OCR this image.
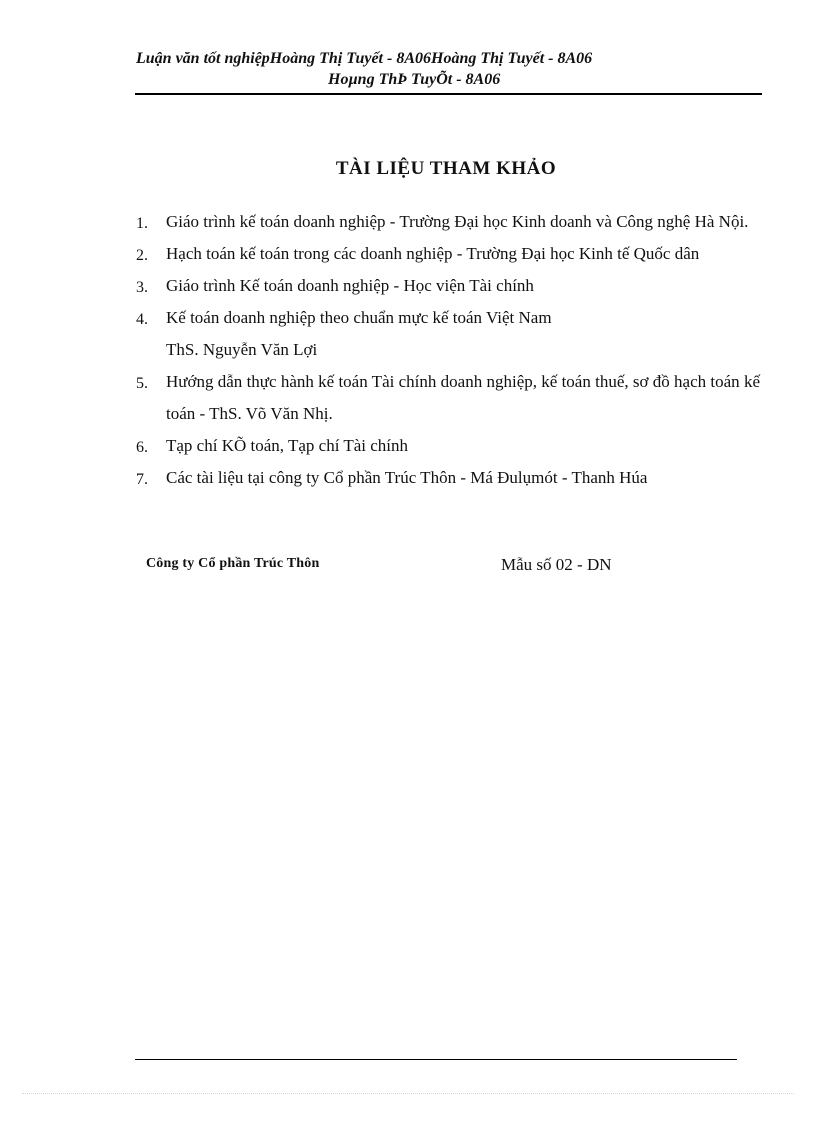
Luận văn tốt nghiệpHoàng Thị Tuyết - 8A06Hoàng Thị Tuyết - 8A06
Hoµng ThÞ TuyÕt - 8A06
TÀI LIỆU THAM KHẢO
1. Giáo trình kế toán doanh nghiệp - Trường Đại học Kinh doanh và Công nghệ Hà Nội.
2. Hạch toán kế toán trong các doanh nghiệp - Trường Đại học Kinh tế Quốc dân
3. Giáo trình Kế toán doanh nghiệp - Học viện Tài chính
4. Kế toán doanh nghiệp theo chuẩn mực kế toán Việt Nam
ThS. Nguyễn Văn Lợi
5. Hướng dẫn thực hành kế toán Tài chính doanh nghiệp, kế toán thuế, sơ đồ hạch toán kế toán - ThS. Võ Văn Nhị.
6. Tạp chí KÕ toán, Tạp chí Tài chính
7. Các tài liệu tại công ty Cổ phần Trúc Thôn - Má Đulụmót - Thanh Húa
Công ty Cổ phần Trúc Thôn	Mẫu số 02 - DN
